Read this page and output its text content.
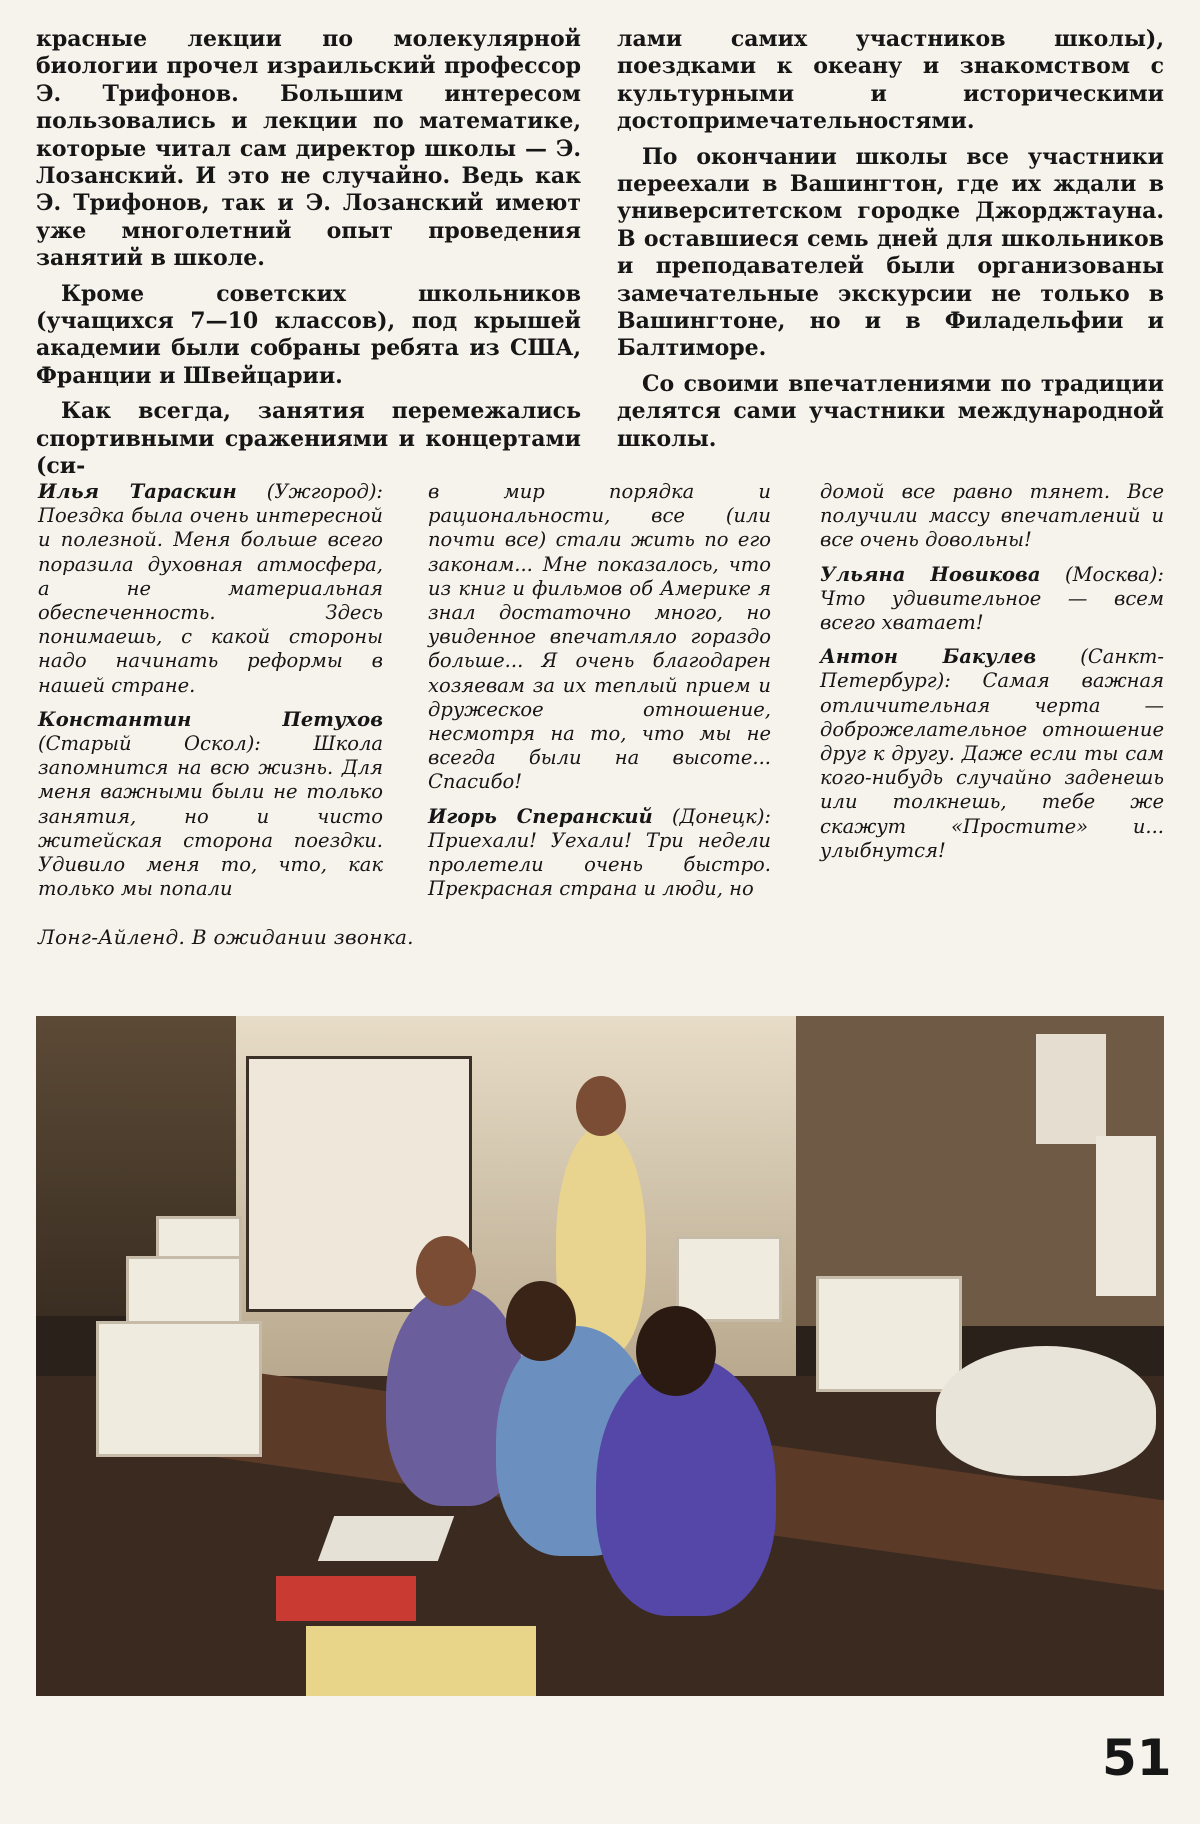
красные лекции по молекулярной биологии прочел израильский профессор Э. Трифонов. Большим интересом пользовались и лекции по математике, которые читал сам директор школы — Э. Лозанский. И это не случайно. Ведь как Э. Трифонов, так и Э. Лозанский имеют уже многолетний опыт проведения занятий в школе.

Кроме советских школьников (учащихся 7—10 классов), под крышей академии были собраны ребята из США, Франции и Швейцарии.

Как всегда, занятия перемежались спортивными сражениями и концертами (си-

лами самих участников школы), поездками к океану и знакомством с культурными и историческими достопримечательностями.

По окончании школы все участники переехали в Вашингтон, где их ждали в университетском городке Джорджтауна. В оставшиеся семь дней для школьников и преподавателей были организованы замечательные экскурсии не только в Вашингтоне, но и в Филадельфии и Балтиморе.

Со своими впечатлениями по традиции делятся сами участники международной школы.

Илья Тараскин (Ужгород): Поездка была очень интересной и полезной. Меня больше всего поразила духовная атмосфера, а не материальная обеспеченность. Здесь понимаешь, с какой стороны надо начинать реформы в нашей стране.

Константин Петухов (Старый Оскол): Школа запомнится на всю жизнь. Для меня важными были не только занятия, но и чисто житейская сторона поездки. Удивило меня то, что, как только мы попали

в мир порядка и рациональности, все (или почти все) стали жить по его законам... Мне показалось, что из книг и фильмов об Америке я знал достаточно много, но увиденное впечатляло гораздо больше... Я очень благодарен хозяевам за их теплый прием и дружеское отношение, несмотря на то, что мы не всегда были на высоте... Спасибо!

Игорь Сперанский (Донецк): Приехали! Уехали! Три недели пролетели очень быстро. Прекрасная страна и люди, но

домой все равно тянет. Все получили массу впечатлений и все очень довольны!

Ульяна Новикова (Москва): Что удивительное — всем всего хватает!

Антон Бакулев (Санкт-Петербург): Самая важная отличительная черта — доброжелательное отношение друг к другу. Даже если ты сам кого-нибудь случайно заденешь или толкнешь, тебе же скажут «Простите» и... улыбнутся!

Лонг-Айленд. В ожидании звонка.
51
